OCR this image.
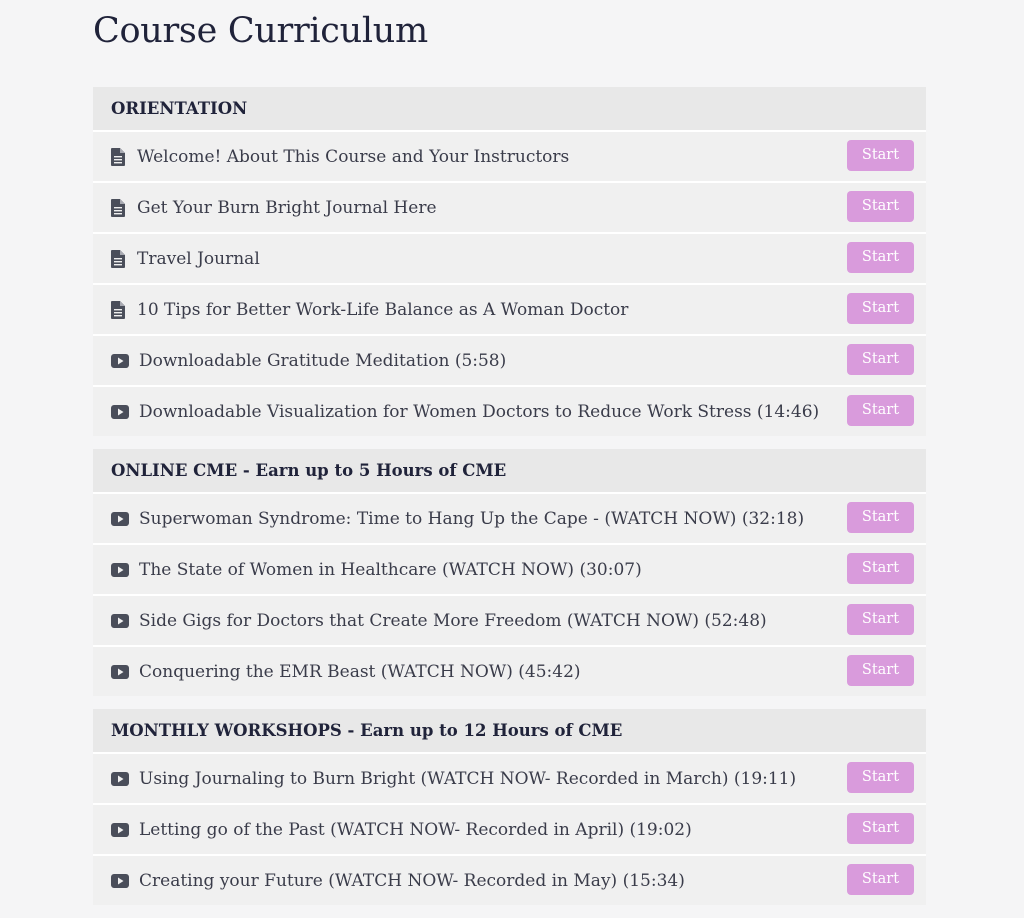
Course Curriculum
ORIENTATION
Welcome! About This Course and Your Instructors	Start
Get Your Burn Bright Journal Here	Start
Travel Journal	Start
10 Tips for Better Work-Life Balance as A Woman Doctor	Start
Downloadable Gratitude Meditation (5:58)	Start
Downloadable Visualization for Women Doctors to Reduce Work Stress (14:46)	Start
ONLINE CME - Earn up to 5 Hours of CME
Superwoman Syndrome: Time to Hang Up the Cape - (WATCH NOW) (32:18)	Start
The State of Women in Healthcare (WATCH NOW) (30:07)	Start
Side Gigs for Doctors that Create More Freedom (WATCH NOW) (52:48)	Start
Conquering the EMR Beast (WATCH NOW) (45:42)	Start
MONTHLY WORKSHOPS - Earn up to 12 Hours of CME
Using Journaling to Burn Bright (WATCH NOW- Recorded in March) (19:11)	Start
Letting go of the Past (WATCH NOW- Recorded in April) (19:02)	Start
Creating your Future (WATCH NOW- Recorded in May) (15:34)	Start
